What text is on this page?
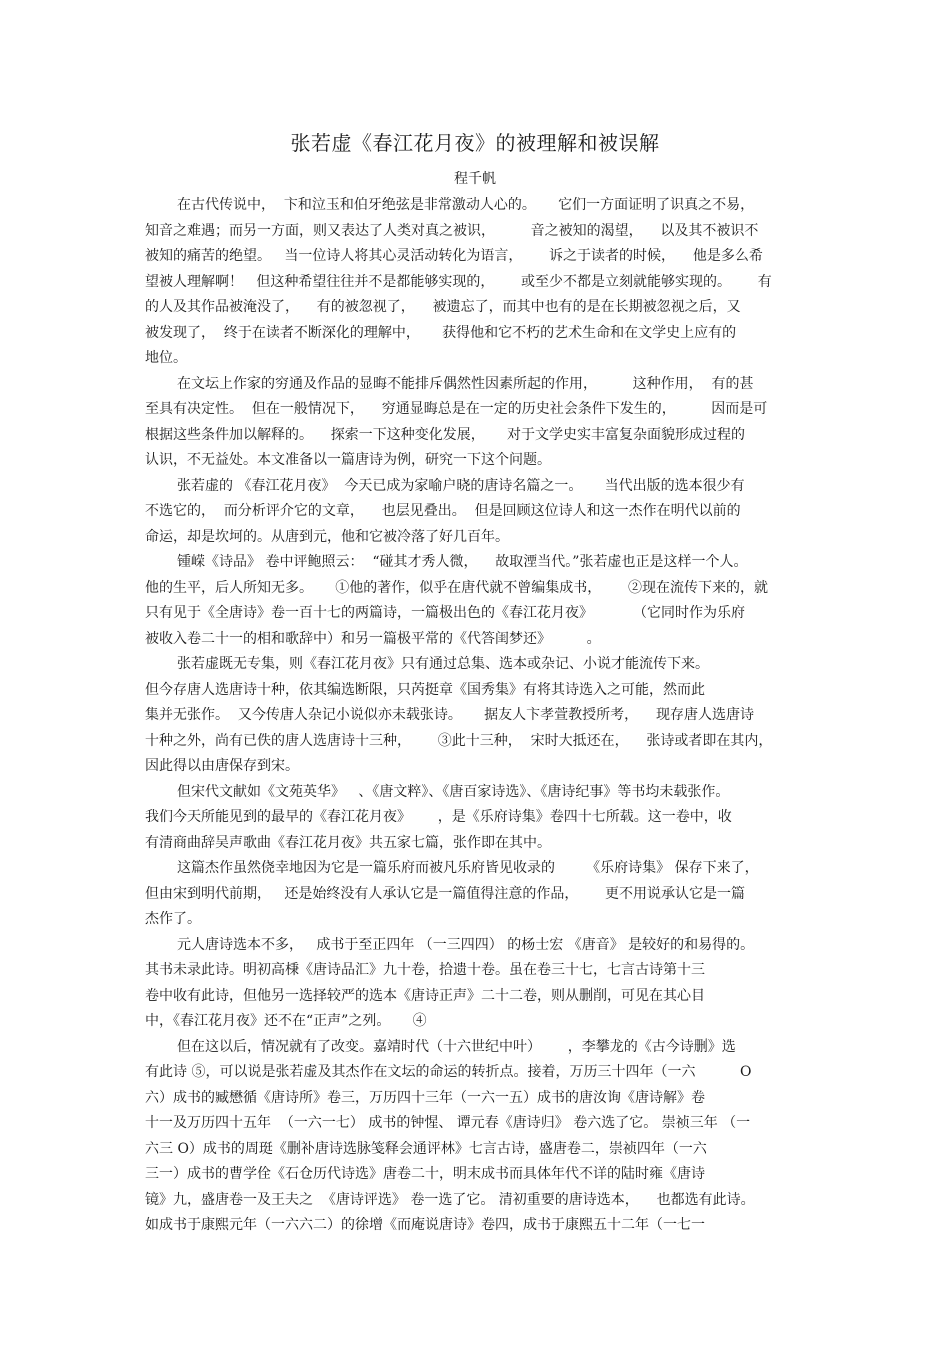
张若虚《春江花月夜》的被理解和被误解
程千帆
在古代传说中，  卞和泣玉和伯牙绝弦是非常激动人心的。     它们一方面证明了识真之不易，
知音之难遇；而另一方面，则又表达了人类对真之被识，        音之被知的渴望，    以及其不被识不
被知的痛苦的绝望。   当一位诗人将其心灵活动转化为语言，      诉之于读者的时候，    他是多么希
望被人理解啊！   但这种希望往往并不是都能够实现的，      或至少不都是立刻就能够实现的。      有
的人及其作品被淹没了，    有的被忽视了，    被遗忘了，而其中也有的是在长期被忽视之后，又
被发现了，  终于在读者不断深化的理解中，     获得他和它不朽的艺术生命和在文学史上应有的
地位。
在文坛上作家的穷通及作品的显晦不能排斥偶然性因素所起的作用，        这种作用，  有的甚
至具有决定性。  但在一般情况下，    穷通显晦总是在一定的历史社会条件下发生的，        因而是可
根据这些条件加以解释的。    探索一下这种变化发展，     对于文学史实丰富复杂面貌形成过程的
认识，不无益处。本文准备以一篇唐诗为例，研究一下这个问题。
张若虚的 《春江花月夜》  今天已成为家喻户晓的唐诗名篇之一。     当代出版的选本很少有
不选它的，  而分析评介它的文章，    也层见叠出。  但是回顾这位诗人和这一杰作在明代以前的
命运，却是坎坷的。从唐到元，他和它被冷落了好几百年。
锺嵘《诗品》 卷中评鲍照云：  “碰其才秀人微，    故取湮当代。”张若虚也正是这样一个人。
他的生平，后人所知无多。     ①他的著作，似乎在唐代就不曾编集成书，      ②现在流传下来的，就
只有见于《全唐诗》卷一百十七的两篇诗，一篇极出色的《春江花月夜》         （它同时作为乐府
被收入卷二十一的相和歌辞中）和另一篇极平常的《代答闺梦还》        。
张若虚既无专集，则《春江花月夜》只有通过总集、选本或杂记、小说才能流传下来。
但今存唐人选唐诗十种，依其编选断限，只芮挺章《国秀集》有将其诗选入之可能，然而此
集并无张作。  又今传唐人杂记小说似亦未载张诗。     据友人卞孝萱教授所考，    现存唐人选唐诗
十种之外，尚有已佚的唐人选唐诗十三种，      ③此十三种，  宋时大抵还在，    张诗或者即在其内，
因此得以由唐保存到宋。
但宋代文献如《文苑英华》   、《唐文粹》、《唐百家诗选》、《唐诗纪事》等书均未载张作。
我们今天所能见到的最早的《春江花月夜》      ，是《乐府诗集》卷四十七所载。这一卷中，收
有清商曲辞吴声歌曲《春江花月夜》共五家七篇，张作即在其中。
这篇杰作虽然侥幸地因为它是一篇乐府而被凡乐府皆见收录的       《乐府诗集》 保存下来了，
但由宋到明代前期，   还是始终没有人承认它是一篇值得注意的作品，      更不用说承认它是一篇
杰作了。
元人唐诗选本不多，   成书于至正四年 （一三四四） 的杨士宏 《唐音》 是较好的和易得的。
其书未录此诗。明初高棅《唐诗品汇》九十卷，拾遗十卷。虽在卷三十七，七言古诗第十三
卷中收有此诗，但他另一选择较严的选本《唐诗正声》二十二卷，则从删削，可见在其心目
中，《春江花月夜》还不在“正声”之列。     ④
但在这以后，情况就有了改变。嘉靖时代（十六世纪中叶）      ，李攀龙的《古今诗删》选
有此诗 ⑤，可以说是张若虚及其杰作在文坛的命运的转折点。接着，万历三十四年（一六          O
六）成书的臧懋循《唐诗所》卷三，万历四十三年（一六一五）成书的唐汝询《唐诗解》卷
十一及万历四十五年  （一六一七） 成书的钟惺、 谭元春《唐诗归》 卷六选了它。 崇祯三年 （一
六三 O）成书的周珽《删补唐诗选脉笺释会通评林》七言古诗，盛唐卷二，崇祯四年（一六
三一）成书的曹学佺《石仓历代诗选》唐卷二十，明末成书而具体年代不详的陆时雍《唐诗
镜》九，盛唐卷一及王夫之  《唐诗评选》 卷一选了它。 清初重要的唐诗选本，    也都选有此诗。
如成书于康熙元年（一六六二）的徐增《而庵说唐诗》卷四，成书于康熙五十二年（一七一
